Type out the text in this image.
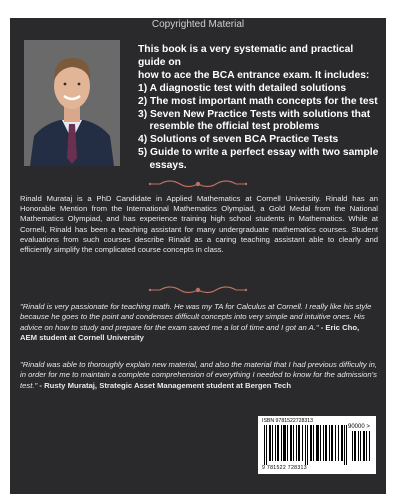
Copyrighted Material
This book is a very systematic and practical guide on
how to ace the BCA entrance exam. It includes:
1) A diagnostic test with detailed solutions
2) The most important math concepts for the test
3) Seven New Practice Tests with solutions that
resemble the official test problems
4) Solutions of seven BCA Practice Tests
5) Guide to write a perfect essay with two sample
essays.
Rinald Murataj is a PhD Candidate in Applied Mathematics at Cornell University. Rinald has an Honorable Mention from the International Mathematics Olympiad, a Gold Medal from the National Mathematics Olympiad, and has experience training high school students in Mathematics. While at Cornell, Rinald has been a teaching assistant for many undergraduate mathematics courses. Student evaluations from such courses describe Rinald as a caring teaching assistant able to clearly and efficiently simplify the complicated course concepts in class.
"Rinald is very passionate for teaching math. He was my TA for Calculus at Cornell. I really like his style because he goes to the point and condenses difficult concepts into very simple and intuitive ones. His advice on how to study and prepare for the exam saved me a lot of time and I got an A." - Eric Cho, AEM student at Cornell University
"Rinald was able to thoroughly explain new material, and also the material that I had previous difficulty in, in order for me to maintain a complete comprehension of everything I needed to know for the admission's test." - Rusty Murataj, Strategic Asset Management student at Bergen Tech
ISBN 9781522728313
90000 >
9 781522 728313
